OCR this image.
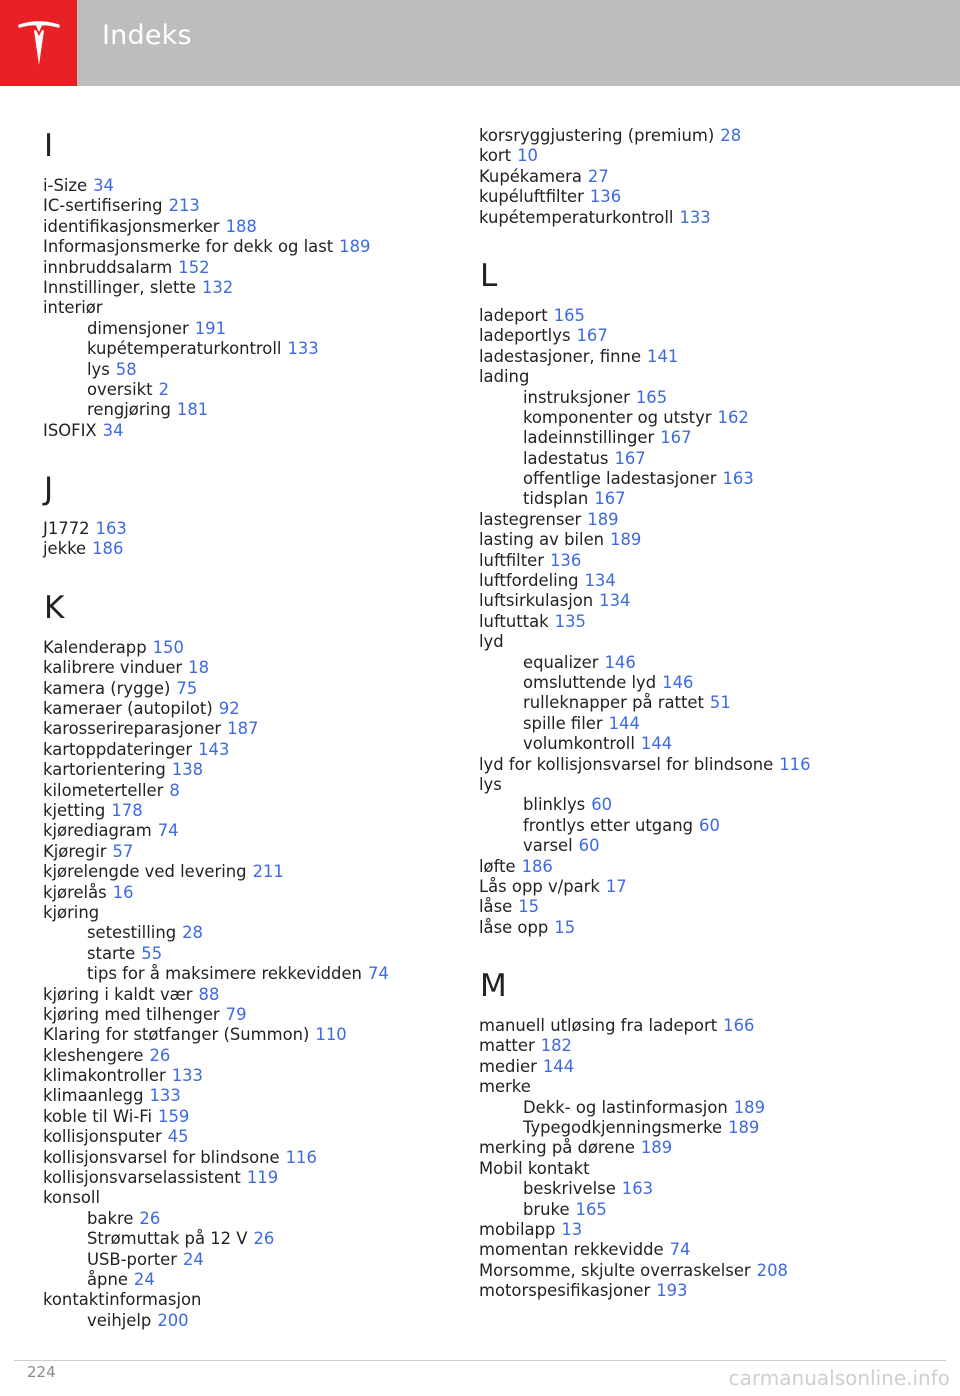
Indeks
I
i-Size 34
IC-sertifisering 213
identifikasjonsmerker 188
Informasjonsmerke for dekk og last 189
innbruddsalarm 152
Innstillinger, slette 132
interiør
dimensjoner 191
kupétemperaturkontroll 133
lys 58
oversikt 2
rengjøring 181
ISOFIX 34
J
J1772 163
jekke 186
K
Kalenderapp 150
kalibrere vinduer 18
kamera (rygge) 75
kameraer (autopilot) 92
karosserireparasjoner 187
kartoppdateringer 143
kartorientering 138
kilometerteller 8
kjetting 178
kjørediagram 74
Kjøregir 57
kjørelengde ved levering 211
kjørelås 16
kjøring
setestilling 28
starte 55
tips for å maksimere rekkevidden 74
kjøring i kaldt vær 88
kjøring med tilhenger 79
Klaring for støtfanger (Summon) 110
kleshengere 26
klimakontroller 133
klimaanlegg 133
koble til Wi-Fi 159
kollisjonsputer 45
kollisjonsvarsel for blindsone 116
kollisjonsvarselassistent 119
konsoll
bakre 26
Strømuttak på 12 V 26
USB-porter 24
åpne 24
kontaktinformasjon
veihjelp 200
korsryggjustering (premium) 28
kort 10
Kupékamera 27
kupéluftfilter 136
kupétemperaturkontroll 133
L
ladeport 165
ladeportlys 167
ladestasjoner, finne 141
lading
instruksjoner 165
komponenter og utstyr 162
ladeinnstillinger 167
ladestatus 167
offentlige ladestasjoner 163
tidsplan 167
lastegrenser 189
lasting av bilen 189
luftfilter 136
luftfordeling 134
luftsirkulasjon 134
luftuttak 135
lyd
equalizer 146
omsluttende lyd 146
rulleknapper på rattet 51
spille filer 144
volumkontroll 144
lyd for kollisjonsvarsel for blindsone 116
lys
blinklys 60
frontlys etter utgang 60
varsel 60
løfte 186
Lås opp v/park 17
låse 15
låse opp 15
M
manuell utløsing fra ladeport 166
matter 182
medier 144
merke
Dekk- og lastinformasjon 189
Typegodkjenningsmerke 189
merking på dørene 189
Mobil kontakt
beskrivelse 163
bruke 165
mobilapp 13
momentan rekkevidde 74
Morsomme, skjulte overraskelser 208
motorspesifikasjoner 193
224	carmanualsonline.info
